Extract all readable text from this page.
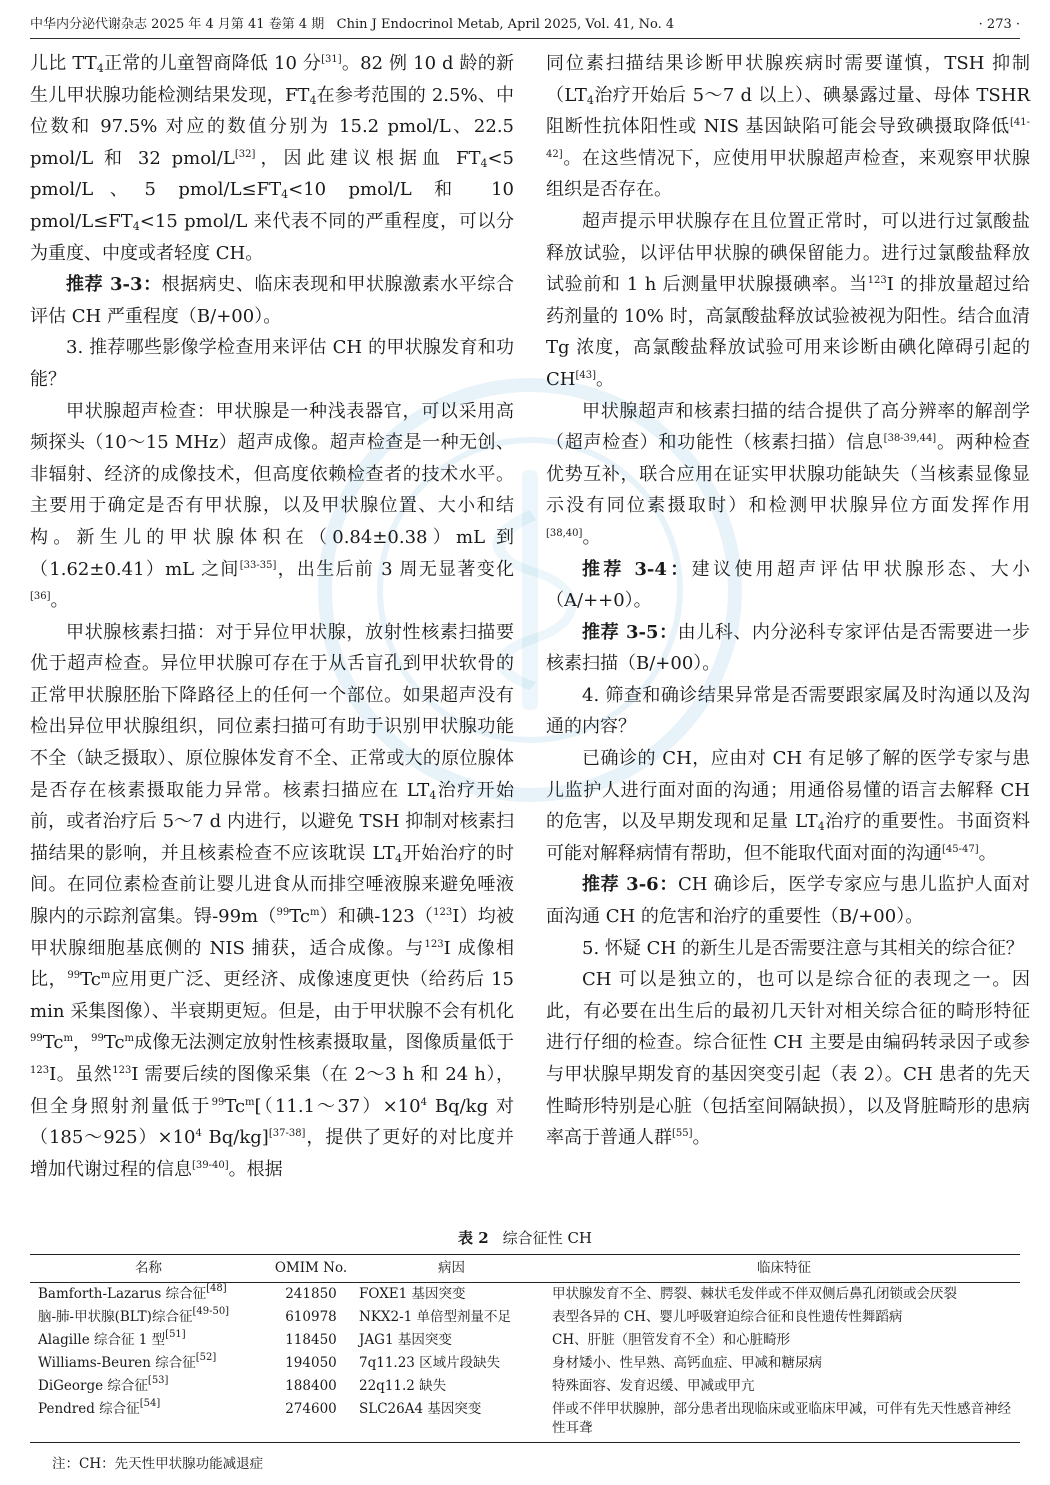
中华内分泌代谢杂志 2025 年 4 月第 41 卷第 4 期 Chin J Endocrinol Metab, April 2025, Vol. 41, No. 4	· 273 ·

儿比 $TT_4$正常的儿童智商降低 10 分[31]。82 例 10 d 龄的新生儿甲状腺功能检测结果发现，$FT_4$在参考范围的 2.5%、中位数和 97.5% 对应的数值分别为 15.2 pmol/L、22.5 pmol/L 和 32 pmol/L[32]，因此建议根据血 $FT_4<5$ pmol/L、5 pmol/$L\le FT_4<10$ pmol/L 和 10 pmol/$L\le FT_4<15$ pmol/L 来代表不同的严重程度，可以分为重度、中度或者轻度 CH。

推荐 3-3：根据病史、临床表现和甲状腺激素水平综合评估 CH 严重程度（B/+00）。

3. 推荐哪些影像学检查用来评估 CH 的甲状腺发育和功能？

甲状腺超声检查：甲状腺是一种浅表器官，可以采用高频探头（10～15 MHz）超声成像。超声检查是一种无创、非辐射、经济的成像技术，但高度依赖检查者的技术水平。主要用于确定是否有甲状腺，以及甲状腺位置、大小和结构。新生儿的甲状腺体积在（0.84±0.38）mL 到（1.62±0.41）mL 之间[33-35]，出生后前 3 周无显著变化[36]。

甲状腺核素扫描：对于异位甲状腺，放射性核素扫描要优于超声检查。异位甲状腺可存在于从舌盲孔到甲状软骨的正常甲状腺胚胎下降路径上的任何一个部位。如果超声没有检出异位甲状腺组织，同位素扫描可有助于识别甲状腺功能不全（缺乏摄取）、原位腺体发育不全、正常或大的原位腺体是否存在核素摄取能力异常。核素扫描应在 $LT_4$治疗开始前，或者治疗后 5～7 d 内进行，以避免 TSH 抑制对核素扫描结果的影响，并且核素检查不应该耽误 $LT_4$开始治疗的时间。在同位素检查前让婴儿进食从而排空唾液腺来避免唾液腺内的示踪剂富集。锝-99m（$^{99}$Tc$^m$）和碘-123（$^{123}$I）均被甲状腺细胞基底侧的 NIS 捕获，适合成像。与$^{123}$I 成像相比，$^{99}$Tc$^m$应用更广泛、更经济、成像速度更快（给药后 15 min 采集图像）、半衰期更短。但是，由于甲状腺不会有机化$^{99}$Tc$^m$，$^{99}$Tc$^m$成像无法测定放射性核素摄取量，图像质量低于$^{123}$I。虽然$^{123}$I 需要后续的图像采集（在 2～3 h 和 24 h），但全身照射剂量低于$^{99}Tc^m[(11.1\sim 37)\times 10^4$ Bq/kg 对$(185\sim 925)\times 10^4$ Bq/kg][37-38]，提供了更好的对比度并增加代谢过程的信息[39-40]。根据

同位素扫描结果诊断甲状腺疾病时需要谨慎，TSH 抑制（$LT_4$治疗开始后 5～7 d 以上）、碘暴露过量、母体 TSHR 阻断性抗体阳性或 NIS 基因缺陷可能会导致碘摄取降低[41-42]。在这些情况下，应使用甲状腺超声检查，来观察甲状腺组织是否存在。

超声提示甲状腺存在且位置正常时，可以进行过氯酸盐释放试验，以评估甲状腺的碘保留能力。进行过氯酸盐释放试验前和 1 h 后测量甲状腺摄碘率。当$^{123}$I 的排放量超过给药剂量的 10% 时，高氯酸盐释放试验被视为阳性。结合血清 Tg 浓度，高氯酸盐释放试验可用来诊断由碘化障碍引起的 CH[43]。

甲状腺超声和核素扫描的结合提供了高分辨率的解剖学（超声检查）和功能性（核素扫描）信息[38-39,44]。两种检查优势互补，联合应用在证实甲状腺功能缺失（当核素显像显示没有同位素摄取时）和检测甲状腺异位方面发挥作用[38,40]。

推荐 3-4：建议使用超声评估甲状腺形态、大小（A/++0）。

推荐 3-5：由儿科、内分泌科专家评估是否需要进一步核素扫描（B/+00）。

4. 筛查和确诊结果异常是否需要跟家属及时沟通以及沟通的内容？

已确诊的 CH，应由对 CH 有足够了解的医学专家与患儿监护人进行面对面的沟通；用通俗易懂的语言去解释 CH 的危害，以及早期发现和足量 $LT_4$治疗的重要性。书面资料可能对解释病情有帮助，但不能取代面对面的沟通[45-47]。

推荐 3-6：CH 确诊后，医学专家应与患儿监护人面对面沟通 CH 的危害和治疗的重要性（B/+00）。

5. 怀疑 CH 的新生儿是否需要注意与其相关的综合征？

CH 可以是独立的，也可以是综合征的表现之一。因此，有必要在出生后的最初几天针对相关综合征的畸形特征进行仔细的检查。综合征性 CH 主要是由编码转录因子或参与甲状腺早期发育的基因突变引起（表 2）。CH 患者的先天性畸形特别是心脏（包括室间隔缺损），以及肾脏畸形的患病率高于普通人群[55]。

表 2 综合征性 CH
名称	OMIM No.	病因	临床特征
Bamforth-Lazarus 综合征[48]	241850	FOXE1 基因突变	甲状腺发育不全、腭裂、棘状毛发伴或不伴双侧后鼻孔闭锁或会厌裂
脑-肺-甲状腺(BLT)综合征[49-50]	610978	NKX2-1 单倍型剂量不足	表型各异的 CH、婴儿呼吸窘迫综合征和良性遗传性舞蹈病
Alagille 综合征 1 型[51]	118450	JAG1 基因突变	CH、肝脏（胆管发育不全）和心脏畸形
Williams-Beuren 综合征[52]	194050	7q11.23 区域片段缺失	身材矮小、性早熟、高钙血症、甲减和糖尿病
DiGeorge 综合征[53]	188400	22q11.2 缺失	特殊面容、发育迟缓、甲减或甲亢
Pendred 综合征[54]	274600	SLC26A4 基因突变	伴或不伴甲状腺肿，部分患者出现临床或亚临床甲减，可伴有先天性感音神经性耳聋
注：CH：先天性甲状腺功能减退症
